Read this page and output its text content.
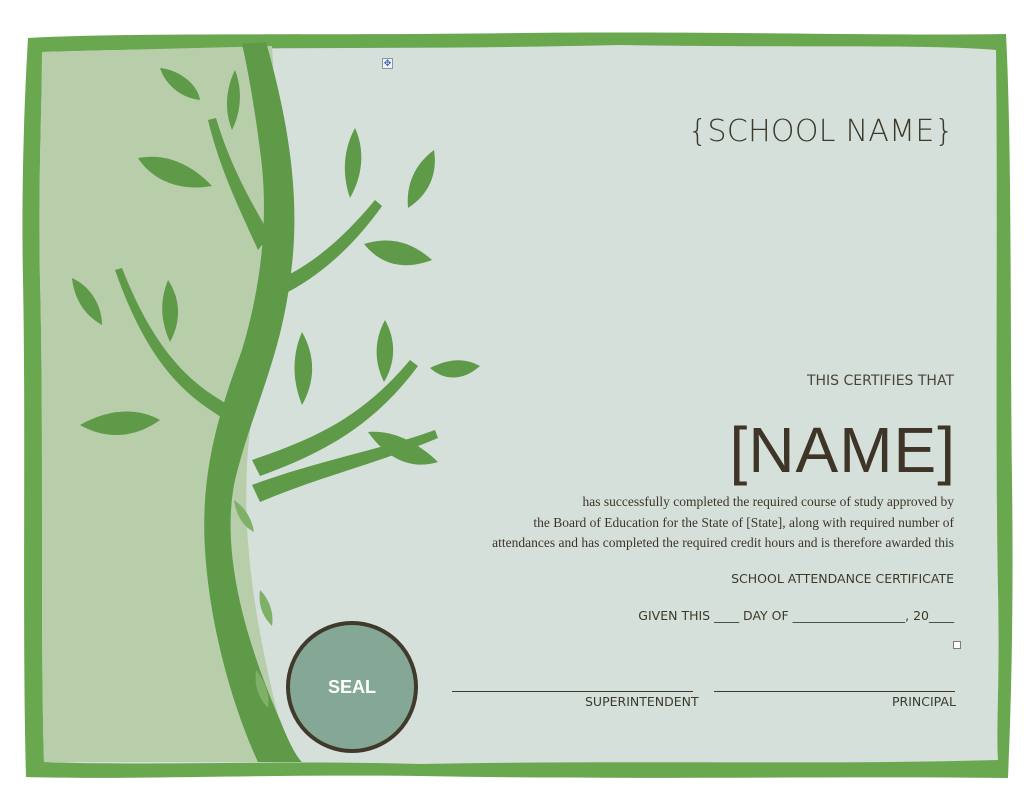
✥
{SCHOOL NAME}
THIS CERTIFIES THAT
[NAME]
has successfully completed the required course of study approved by
the Board of Education for the State of [State], along with required number of
attendances and has completed the required credit hours and is therefore awarded this
SCHOOL ATTENDANCE CERTIFICATE
GIVEN THIS ____ DAY OF __________________, 20____
SEAL
SUPERINTENDENT	PRINCIPAL
